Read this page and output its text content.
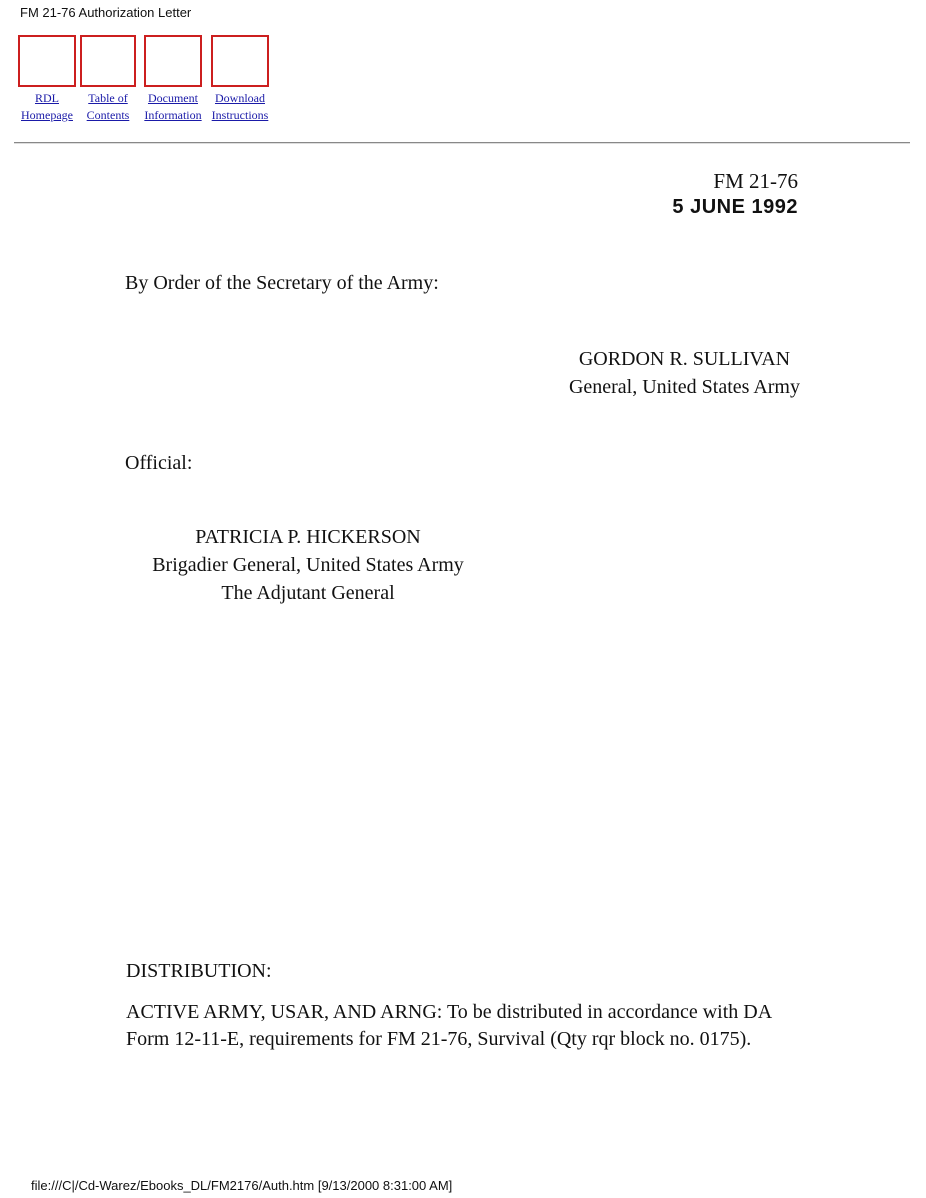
FM 21-76 Authorization Letter
RDL
Homepage
Table of
Contents
Document
Information
Download
Instructions
FM 21-76
5 JUNE 1992
By Order of the Secretary of the Army:
GORDON R. SULLIVAN
General, United States Army
Official:
PATRICIA P. HICKERSON
Brigadier General, United States Army
The Adjutant General
DISTRIBUTION:
ACTIVE ARMY, USAR, AND ARNG: To be distributed in accordance with DA Form 12-11-E, requirements for FM 21-76, Survival (Qty rqr block no. 0175).
file:///C|/Cd-Warez/Ebooks_DL/FM2176/Auth.htm [9/13/2000 8:31:00 AM]
